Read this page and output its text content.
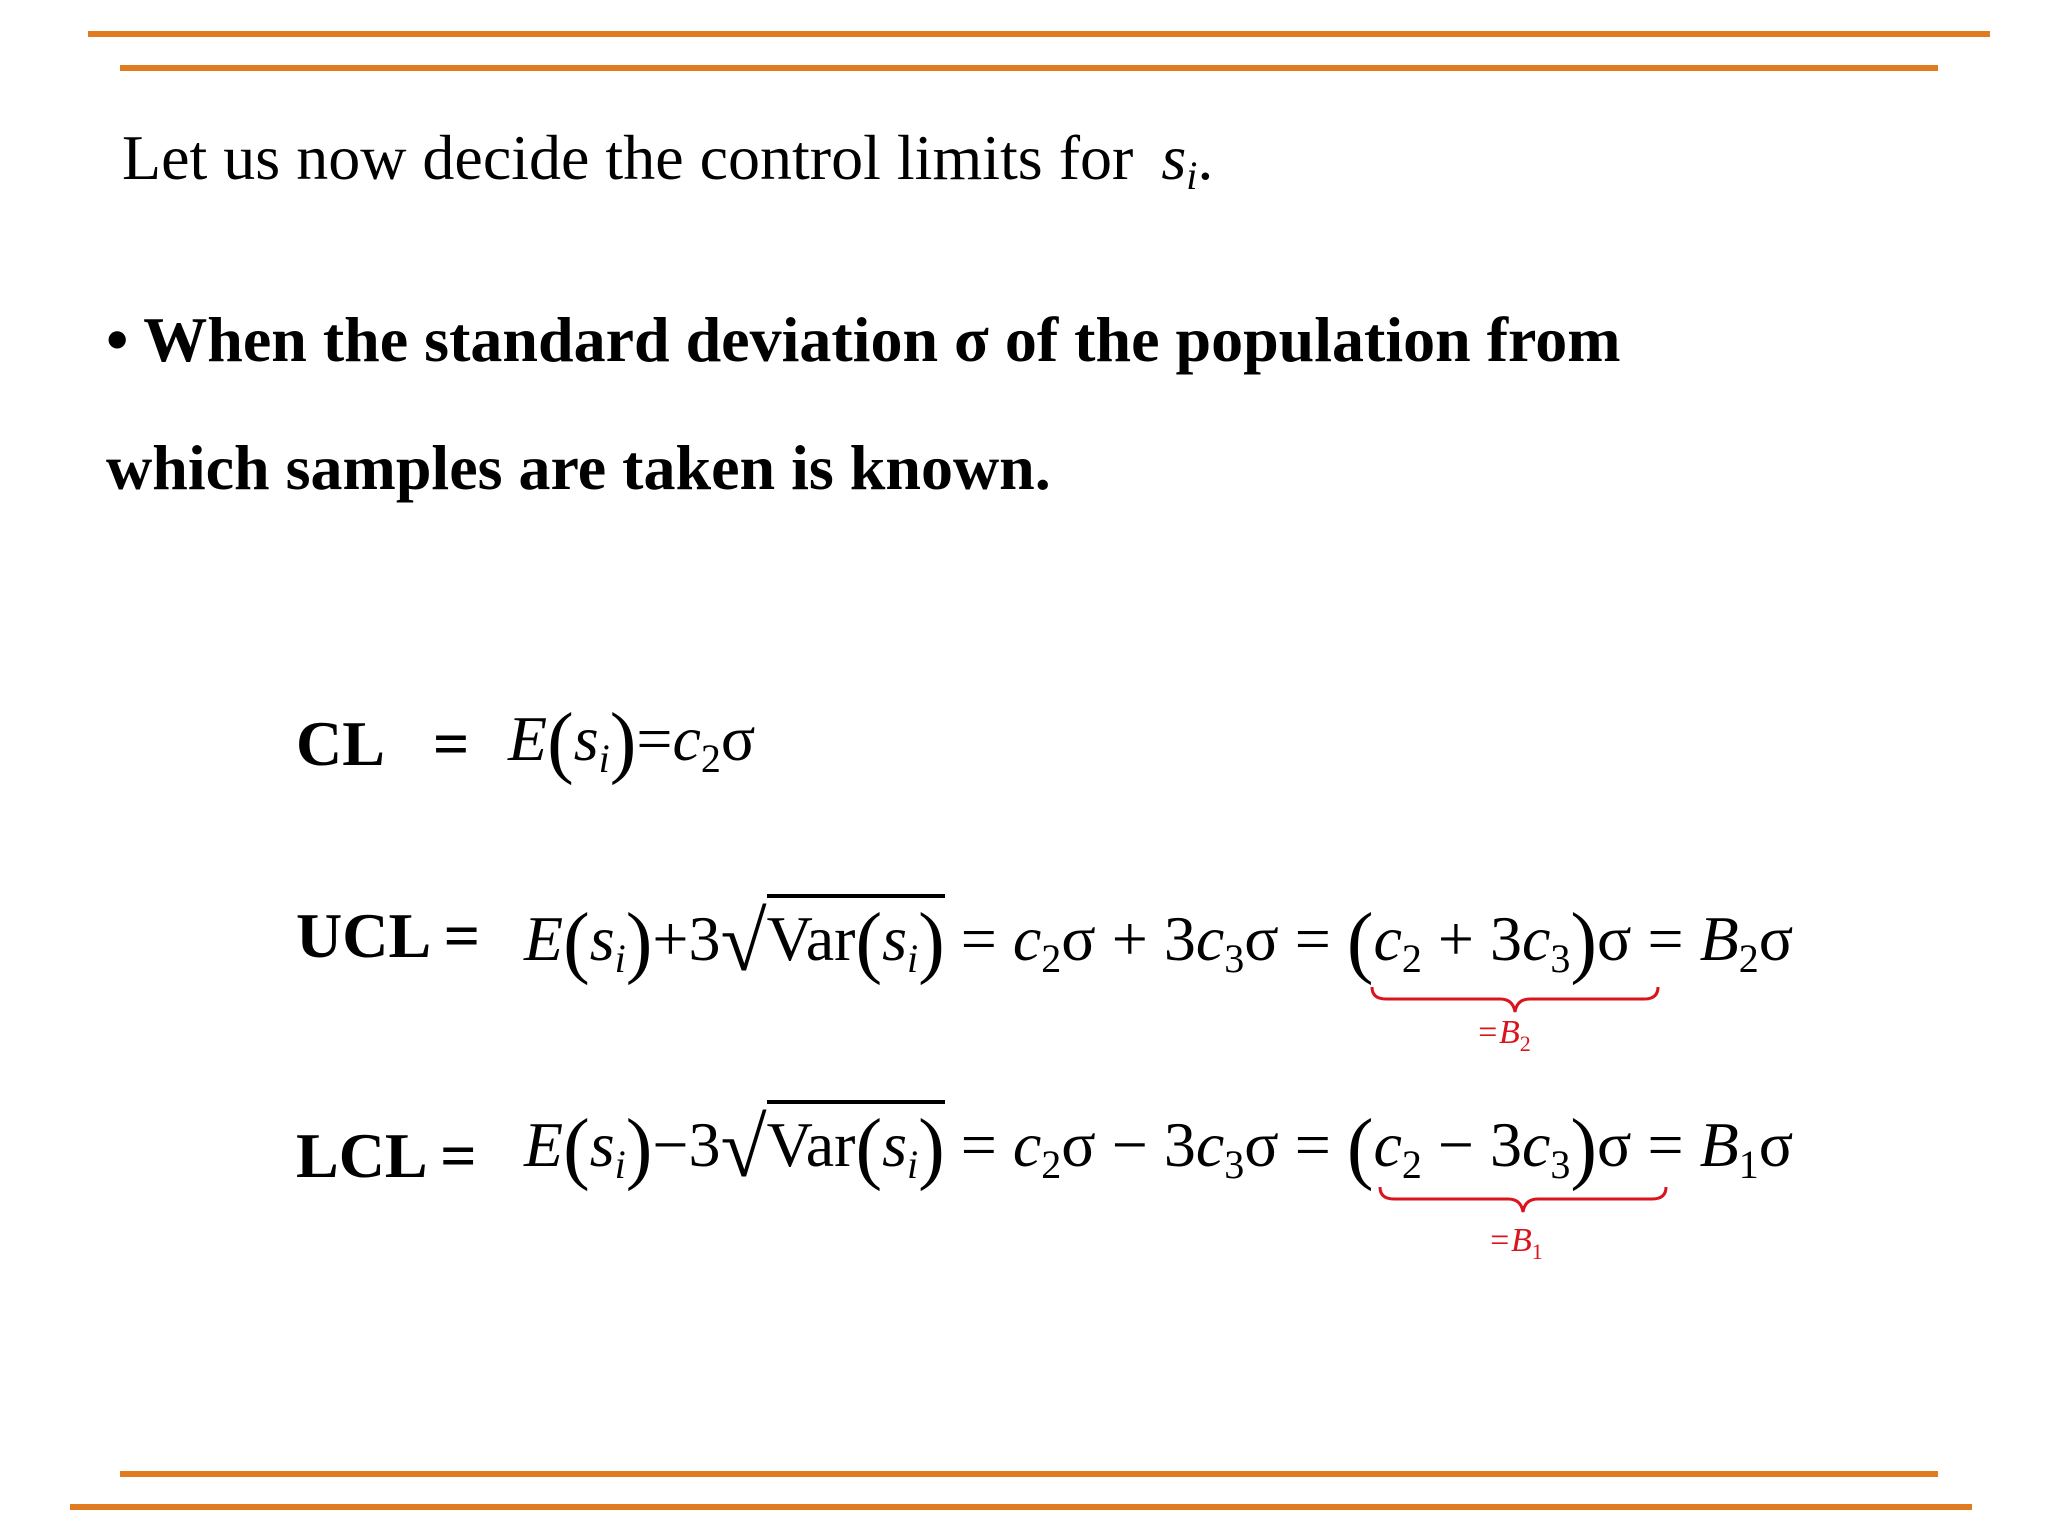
Let us now decide the control limits for $s_i$.
• When the standard deviation σ of the population from
which samples are taken is known.
CL = $E(s_i)=c_2\sigma$
UCL = $E(s_i)+3√Var(s_i) = c_2\sigma + 3c_3\sigma = (c_2 + 3c_3)\sigma = B_2\sigma$
$=B_2$
LCL = $E(s_i)-3√Var(s_i) = c_2\sigma - 3c_3\sigma = (c_2 - 3c_3)\sigma = B_1\sigma$
$=B_1$
